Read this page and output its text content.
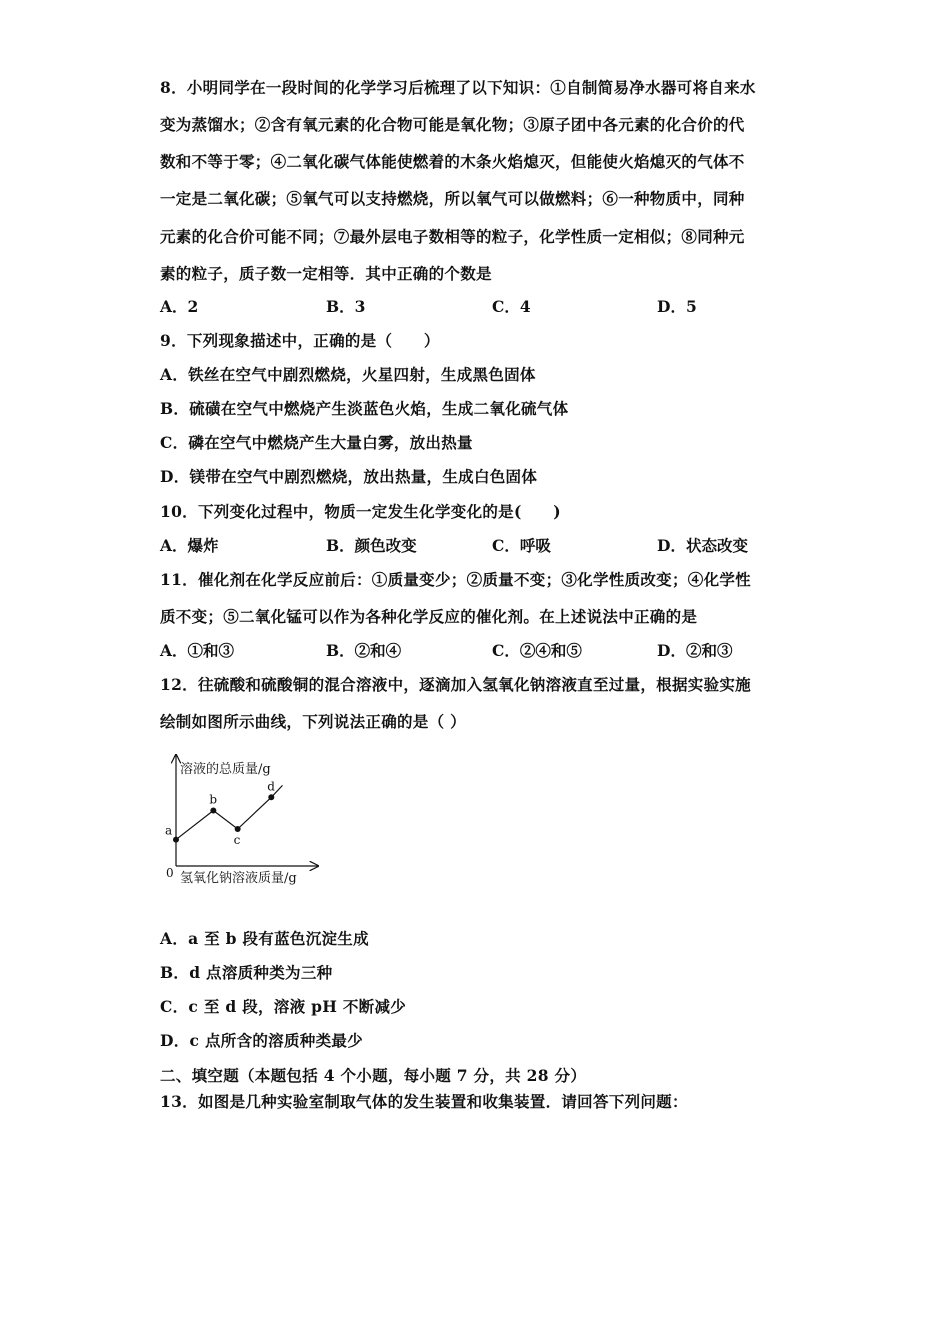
8．小明同学在一段时间的化学学习后梳理了以下知识：①自制简易净水器可将自来水
变为蒸馏水；②含有氧元素的化合物可能是氧化物；③原子团中各元素的化合价的代
数和不等于零；④二氧化碳气体能使燃着的木条火焰熄灭，但能使火焰熄灭的气体不
一定是二氧化碳；⑤氧气可以支持燃烧，所以氧气可以做燃料；⑥一种物质中，同种
元素的化合价可能不同；⑦最外层电子数相等的粒子，化学性质一定相似；⑧同种元
素的粒子，质子数一定相等．其中正确的个数是
A．2	B．3	C．4	D．5
9．下列现象描述中，正确的是（　　）
A．铁丝在空气中剧烈燃烧，火星四射，生成黑色固体
B．硫磺在空气中燃烧产生淡蓝色火焰，生成二氧化硫气体
C．磷在空气中燃烧产生大量白雾，放出热量
D．镁带在空气中剧烈燃烧，放出热量，生成白色固体
10．下列变化过程中，物质一定发生化学变化的是(　　)
A．爆炸	B．颜色改变	C．呼吸	D．状态改变
11．催化剂在化学反应前后：①质量变少；②质量不变；③化学性质改变；④化学性
质不变；⑤二氧化锰可以作为各种化学反应的催化剂。在上述说法中正确的是
A．①和③	B．②和④	C．②④和⑤	D．②和③
12．往硫酸和硫酸铜的混合溶液中，逐滴加入氢氧化钠溶液直至过量，根据实验实施
绘制如图所示曲线，下列说法正确的是（ ）
溶液的总质量/g
氢氧化钠溶液质量/g
0
a
b
c
d
A．a 至 b 段有蓝色沉淀生成
B．d 点溶质种类为三种
C．c 至 d 段，溶液 pH 不断减少
D．c 点所含的溶质种类最少
二、填空题（本题包括 4 个小题，每小题 7 分，共 28 分）
13．如图是几种实验室制取气体的发生装置和收集装置．请回答下列问题：
